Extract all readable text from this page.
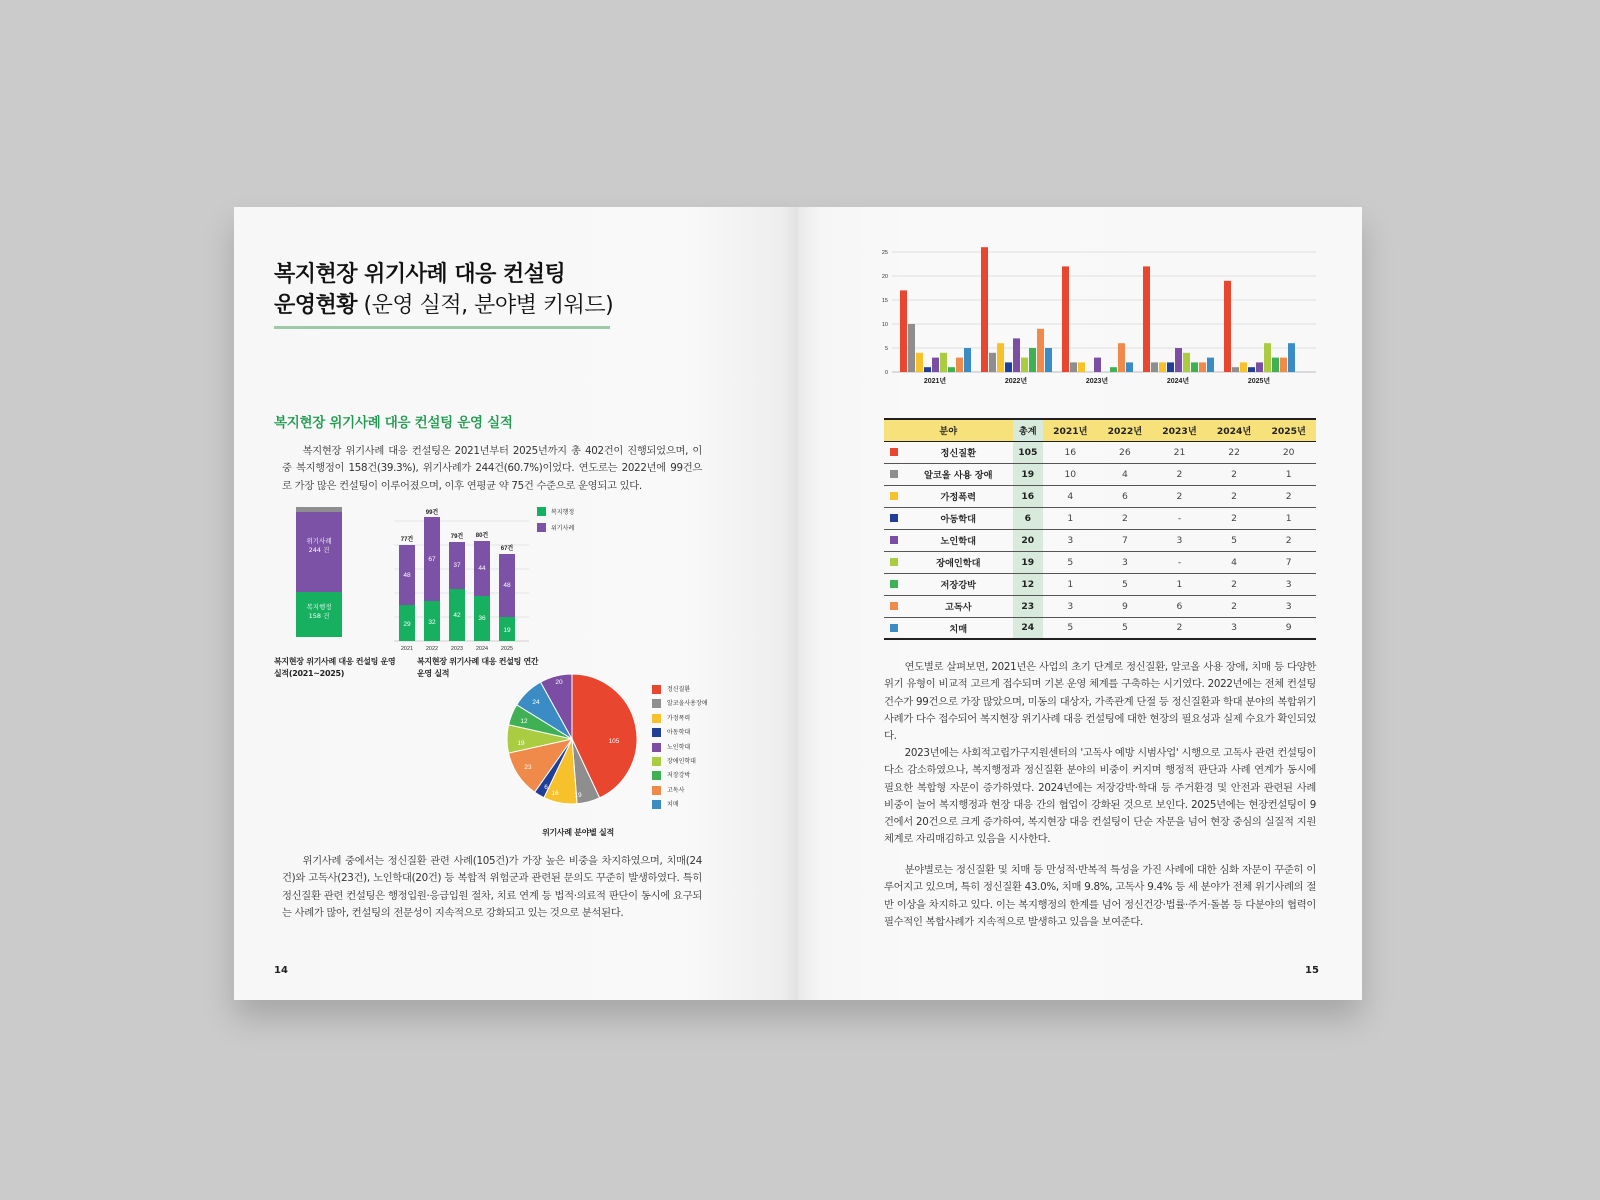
복지현장 위기사례 대응 컨설팅
운영현황 (운영 실적, 분야별 키워드)
복지현장 위기사례 대응 컨설팅 운영 실적
복지현장 위기사례 대응 컨설팅은 2021년부터 2025년까지 총 402건이 진행되었으며, 이 중 복지행정이 158건(39.3%), 위기사례가 244건(60.7%)이었다. 연도로는 2022년에 99건으로 가장 많은 컨설팅이 이루어졌으며, 이후 연평균 약 75건 수준으로 운영되고 있다.
위기사례
244 건
복지행정
158 건
48
29
67
32
37
42
44
36
48
19
77건
99건
79건 80건
67건
2021 2022 2023 2024 2025
복지행정
위기사례
복지현장 위기사례 대응 컨설팅 운영 실적(2021~2025)
복지현장 위기사례 대응 컨설팅 연간 운영 실적
105
19
16
6
23
19
12
24
20
정신질환
알코올사용장애
가정폭력
아동학대
노인학대
장애인학대
저장강박
고독사
치매
위기사례 분야별 실적
위기사례 중에서는 정신질환 관련 사례(105건)가 가장 높은 비중을 차지하였으며, 치매(24건)와 고독사(23건), 노인학대(20건) 등 복합적 위험군과 관련된 문의도 꾸준히 발생하였다. 특히 정신질환 관련 컨설팅은 행정입원·응급입원 절차, 치료 연계 등 법적·의료적 판단이 동시에 요구되는 사례가 많아, 컨설팅의 전문성이 지속적으로 강화되고 있는 것으로 분석된다.
14
0
5
10
15
20
25
2021년	2022년	2023년	2024년	2025년
분야		총계	2021년	2022년	2023년	2024년	2025년
	정신질환	105	16	26	21	22	20
	알코올 사용 장애	19	10	4	2	2	1
	가정폭력	16	4	6	2	2	2
	아동학대	6	1	2	-	2	1
	노인학대	20	3	7	3	5	2
	장애인학대	19	5	3	-	4	7
	저장강박	12	1	5	1	2	3
	고독사	23	3	9	6	2	3
	치매	24	5	5	2	3	9
연도별로 살펴보면, 2021년은 사업의 초기 단계로 정신질환, 알코올 사용 장애, 치매 등 다양한 위기 유형이 비교적 고르게 접수되며 기본 운영 체계를 구축하는 시기였다. 2022년에는 전체 컨설팅 건수가 99건으로 가장 많았으며, 미동의 대상자, 가족관계 단절 등 정신질환과 학대 분야의 복합위기 사례가 다수 접수되어 복지현장 위기사례 대응 컨설팅에 대한 현장의 필요성과 실제 수요가 확인되었다.
2023년에는 사회적고립가구지원센터의 '고독사 예방 시범사업' 시행으로 고독사 관련 컨설팅이 다소 감소하였으나, 복지행정과 정신질환 분야의 비중이 커지며 행정적 판단과 사례 연계가 동시에 필요한 복합형 자문이 증가하였다. 2024년에는 저장강박·학대 등 주거환경 및 안전과 관련된 사례 비중이 늘어 복지행정과 현장 대응 간의 협업이 강화된 것으로 보인다. 2025년에는 현장컨설팅이 9건에서 20건으로 크게 증가하여, 복지현장 대응 컨설팅이 단순 자문을 넘어 현장 중심의 실질적 지원 체계로 자리매김하고 있음을 시사한다.
분야별로는 정신질환 및 치매 등 만성적·반복적 특성을 가진 사례에 대한 심화 자문이 꾸준히 이루어지고 있으며, 특히 정신질환 43.0%, 치매 9.8%, 고독사 9.4% 등 세 분야가 전체 위기사례의 절반 이상을 차지하고 있다. 이는 복지행정의 한계를 넘어 정신건강·법률·주거·돌봄 등 다분야의 협력이 필수적인 복합사례가 지속적으로 발생하고 있음을 보여준다.
15
